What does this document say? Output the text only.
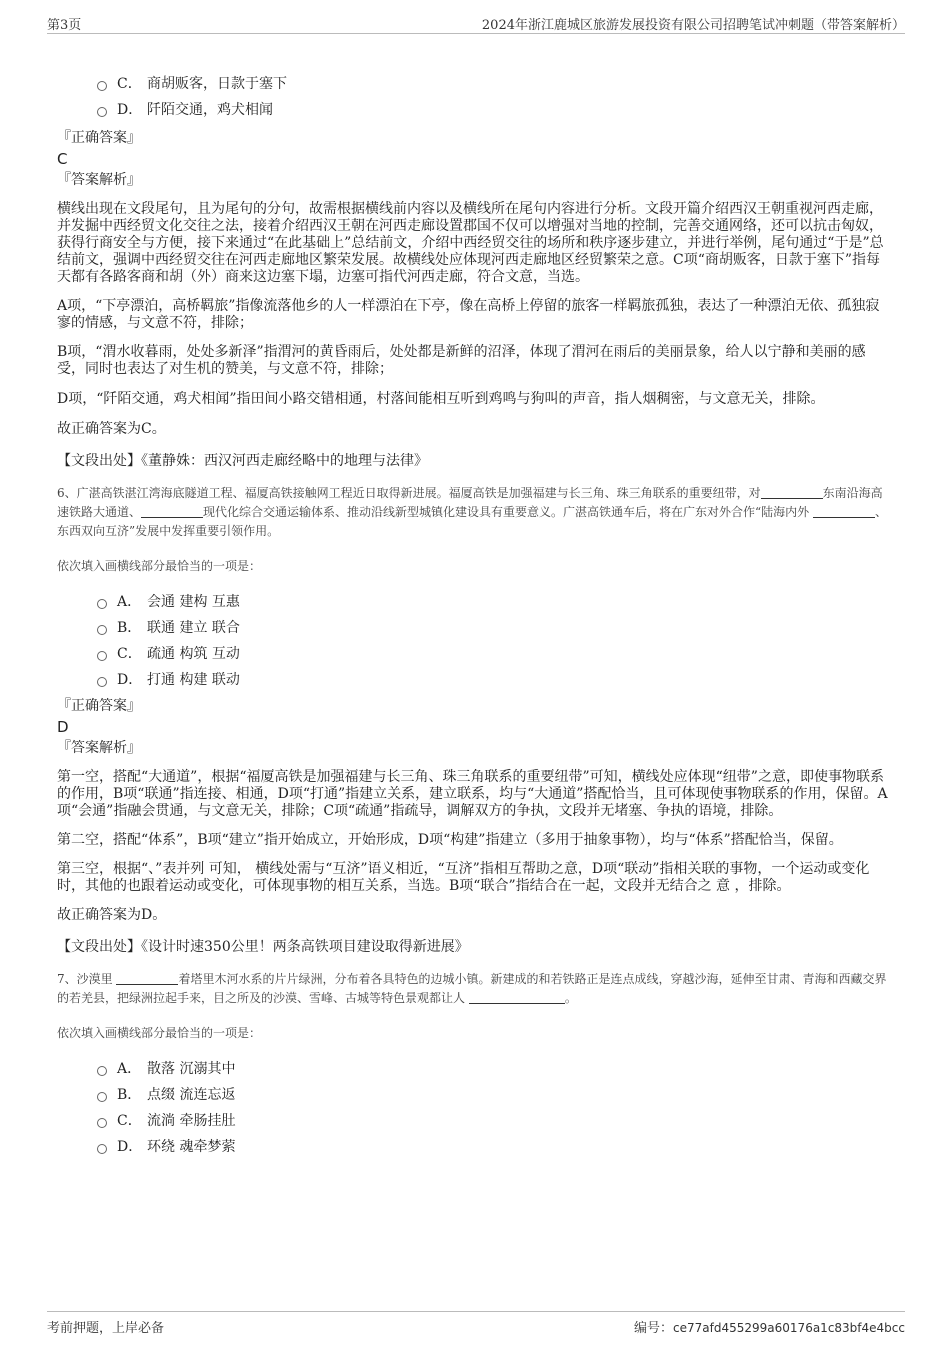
第3页	2024年浙江鹿城区旅游发展投资有限公司招聘笔试冲刺题（带答案解析）
C． 商胡贩客，日款于塞下
D． 阡陌交通，鸡犬相闻
『正确答案』
C
『答案解析』

横线出现在文段尾句，且为尾句的分句，故需根据横线前内容以及横线所在尾句内容进行分析。文段开篇介绍西汉王朝重视河西走廊，并发掘中西经贸文化交往之法，接着介绍西汉王朝在河西走廊设置郡国不仅可以增强对当地的控制，完善交通网络，还可以抗击匈奴，获得行商安全与方便，接下来通过“在此基础上”总结前文，介绍中西经贸交往的场所和秩序逐步建立，并进行举例，尾句通过“于是”总结前文，强调中西经贸交往在河西走廊地区繁荣发展。故横线处应体现河西走廊地区经贸繁荣之意。C项“商胡贩客，日款于塞下”指每天都有各路客商和胡（外）商来这边塞下塌，边塞可指代河西走廊，符合文意，当选。

A项，“下亭漂泊，高桥羁旅”指像流落他乡的人一样漂泊在下亭，像在高桥上停留的旅客一样羁旅孤独，表达了一种漂泊无依、孤独寂寥的情感，与文意不符，排除；

B项，“渭水收暮雨，处处多新泽”指渭河的黄昏雨后，处处都是新鲜的沼泽，体现了渭河在雨后的美丽景象，给人以宁静和美丽的感受，同时也表达了对生机的赞美，与文意不符，排除；

D项，“阡陌交通，鸡犬相闻”指田间小路交错相通，村落间能相互听到鸡鸣与狗叫的声音，指人烟稠密，与文意无关，排除。

故正确答案为C。

【文段出处】《董静姝：西汉河西走廊经略中的地理与法律》
6、广湛高铁湛江湾海底隧道工程、福厦高铁接触网工程近日取得新进展。福厦高铁是加强福建与长三角、珠三角联系的重要纽带，对	东南沿海高速铁路大通道、	现代化综合交通运输体系、推动沿线新型城镇化建设具有重要意义。广湛高铁通车后，将在广东对外合作“陆海内外	、东西双向互济”发展中发挥重要引领作用。
依次填入画横线部分最恰当的一项是：
A． 会通 建构 互惠
B． 联通 建立 联合
C． 疏通 构筑 互动
D． 打通 构建 联动
『正确答案』
D
『答案解析』

第一空，搭配“大通道”，根据“福厦高铁是加强福建与长三角、珠三角联系的重要纽带”可知，横线处应体现“纽带”之意，即使事物联系的作用，B项“联通”指连接、相通，D项“打通”指建立关系，建立联系，均与“大通道”搭配恰当，且可体现使事物联系的作用，保留。A项“会通”指融会贯通，与文意无关，排除；C项“疏通”指疏导，调解双方的争执，文段并无堵塞、争执的语境，排除。

第二空，搭配“体系”，B项“建立”指开始成立，开始形成，D项“构建”指建立（多用于抽象事物），均与“体系”搭配恰当，保留。

第三空，根据“、”表并列 可知， 横线处需与“互济”语义相近，“互济”指相互帮助之意，D项“联动”指相关联的事物，一个运动或变化时，其他的也跟着运动或变化，可体现事物的相互关系，当选。B项“联合”指结合在一起，文段并无结合之 意 ，排除。

故正确答案为D。

【文段出处】《设计时速350公里！两条高铁项目建设取得新进展》
7、沙漠里	着塔里木河水系的片片绿洲，分布着各具特色的边城小镇。新建成的和若铁路正是连点成线，穿越沙海，延伸至甘肃、青海和西藏交界的若羌县，把绿洲拉起手来，目之所及的沙漠、雪峰、古城等特色景观都让人	。
依次填入画横线部分最恰当的一项是：
A． 散落 沉溺其中
B． 点缀 流连忘返
C． 流淌 牵肠挂肚
D． 环绕 魂牵梦萦
考前押题，上岸必备	编号：ce77afd455299a60176a1c83bf4e4bcc
